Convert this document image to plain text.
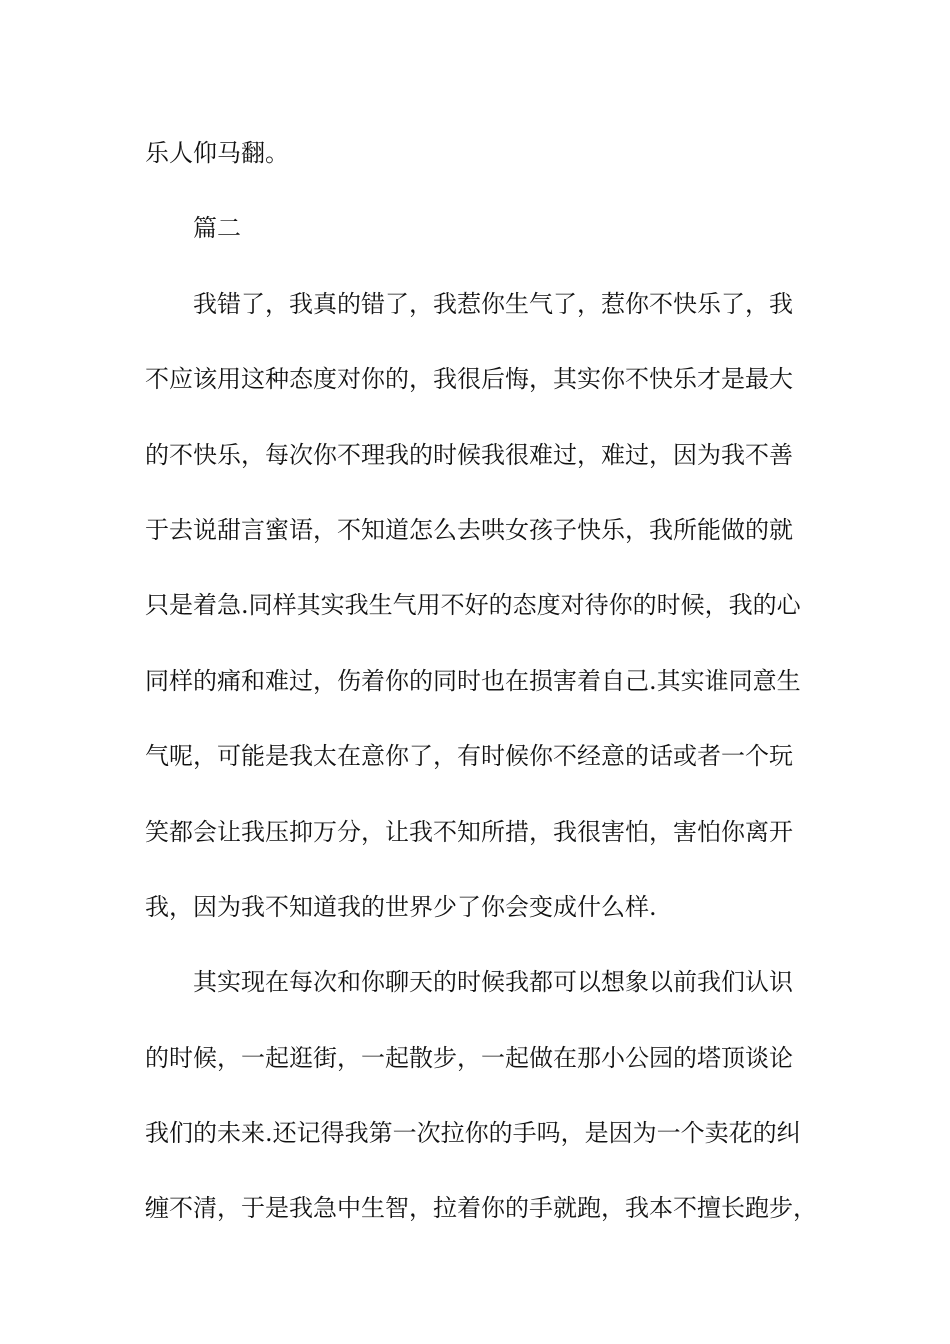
乐人仰马翻。
篇二
我错了，我真的错了，我惹你生气了，惹你不快乐了，我
不应该用这种态度对你的，我很后悔，其实你不快乐才是最大
的不快乐，每次你不理我的时候我很难过，难过，因为我不善
于去说甜言蜜语，不知道怎么去哄女孩子快乐，我所能做的就
只是着急.同样其实我生气用不好的态度对待你的时候，我的心
同样的痛和难过，伤着你的同时也在损害着自己.其实谁同意生
气呢，可能是我太在意你了，有时候你不经意的话或者一个玩
笑都会让我压抑万分，让我不知所措，我很害怕，害怕你离开
我，因为我不知道我的世界少了你会变成什么样.
其实现在每次和你聊天的时候我都可以想象以前我们认识
的时候，一起逛街，一起散步，一起做在那小公园的塔顶谈论
我们的未来.还记得我第一次拉你的手吗，是因为一个卖花的纠
缠不清，于是我急中生智，拉着你的手就跑，我本不擅长跑步，
